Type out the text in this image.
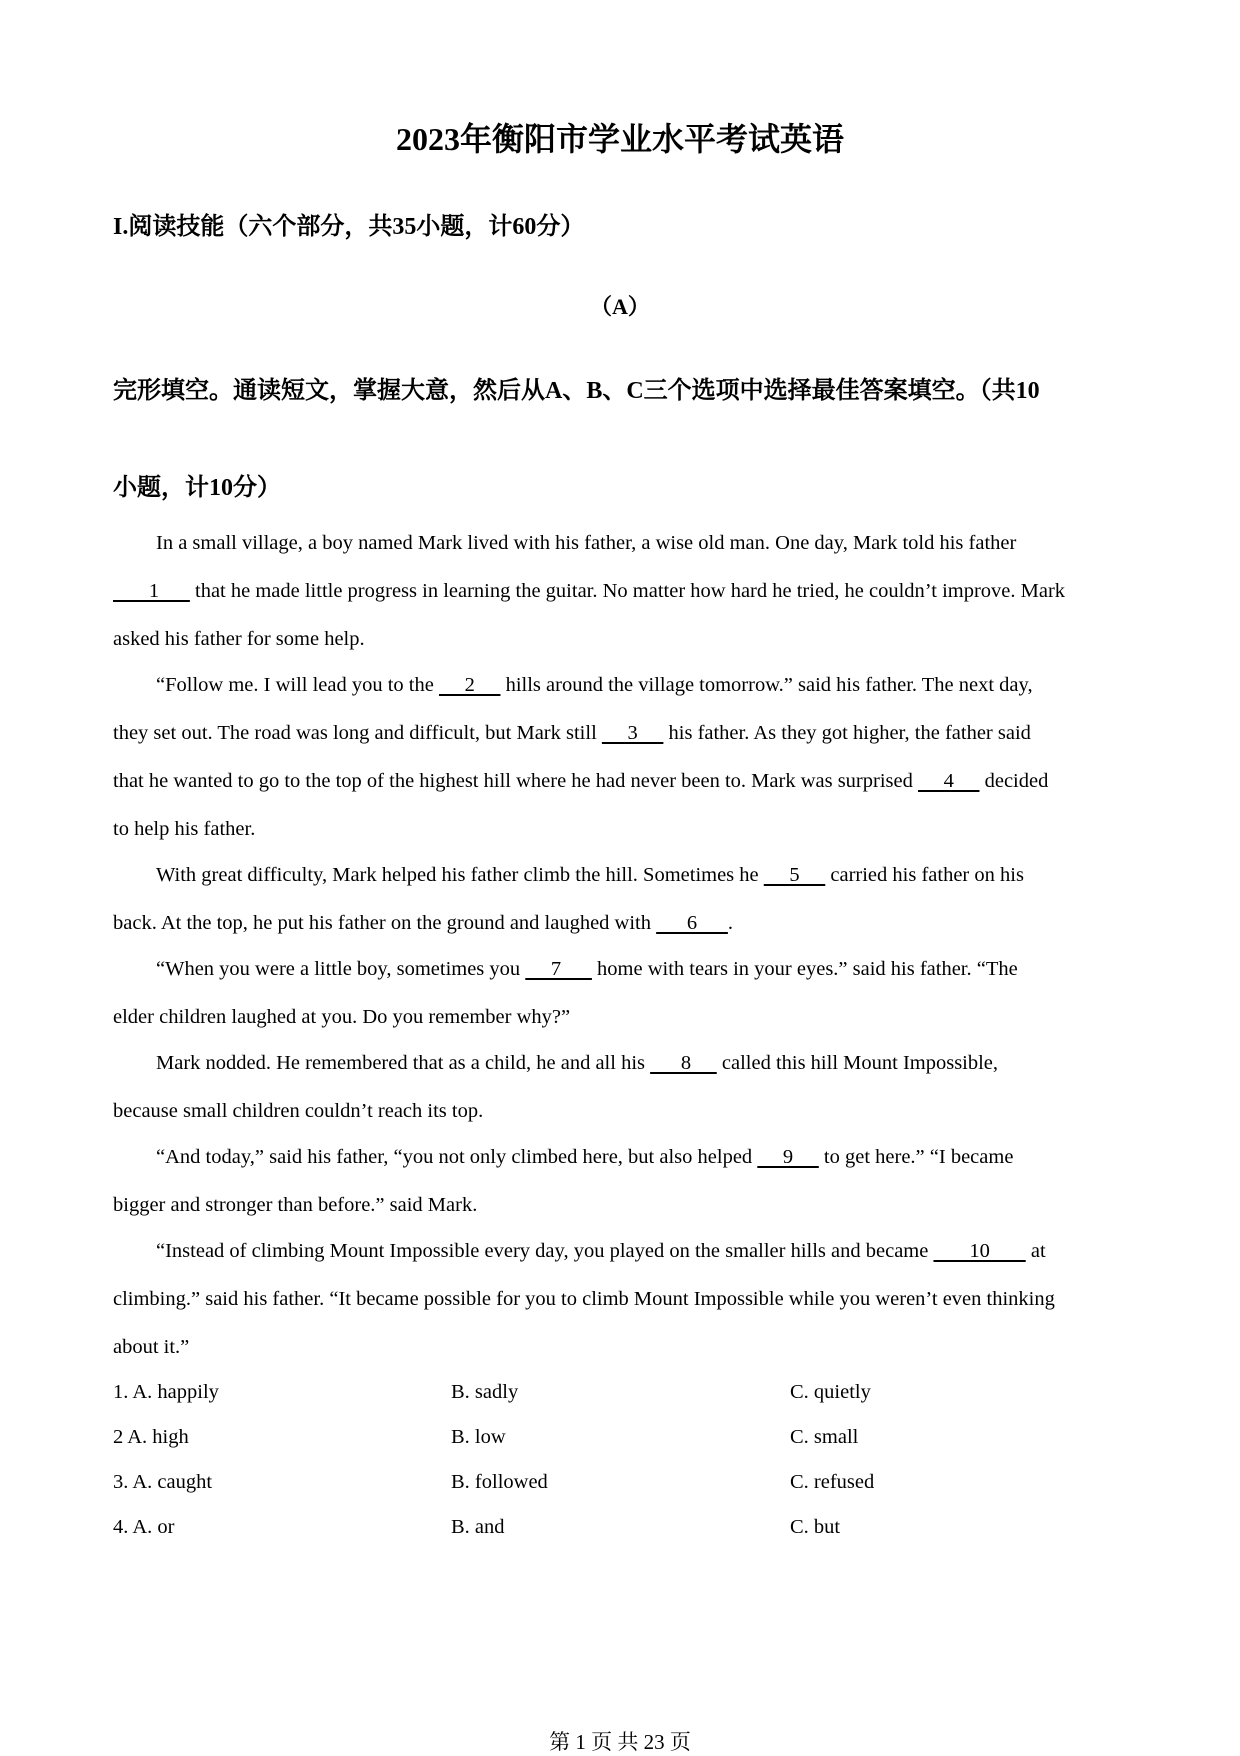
2023年衡阳市学业水平考试英语
I.阅读技能（六个部分，共35小题，计60分）
（A）
完形填空。通读短文，掌握大意，然后从A、B、C三个选项中选择最佳答案填空。（共10
小题，计10分）
In a small village, a boy named Mark lived with his father, a wise old man. One day, Mark told his father
1       that he made little progress in learning the guitar. No matter how hard he tried, he couldn’t improve. Mark
asked his father for some help.
“Follow me. I will lead you to the      2      hills around the village tomorrow.” said his father. The next day,
they set out. The road was long and difficult, but Mark still      3      his father. As they got higher, the father said
that he wanted to go to the top of the highest hill where he had never been to. Mark was surprised      4      decided
to help his father.
With great difficulty, Mark helped his father climb the hill. Sometimes he      5      carried his father on his
back. At the top, he put his father on the ground and laughed with       6      .
“When you were a little boy, sometimes you      7       home with tears in your eyes.” said his father. “The
elder children laughed at you. Do you remember why?”
Mark nodded. He remembered that as a child, he and all his       8      called this hill Mount Impossible,
because small children couldn’t reach its top.
“And today,” said his father, “you not only climbed here, but also helped      9      to get here.” “I became
bigger and stronger than before.” said Mark.
“Instead of climbing Mount Impossible every day, you played on the smaller hills and became        10        at
climbing.” said his father. “It became possible for you to climb Mount Impossible while you weren’t even thinking
about it.”
1. A. happily	B. sadly	C. quietly
2 A. high	B. low	C. small
3. A. caught	B. followed	C. refused
4. A. or	B. and	C. but
第 1 页 共 23 页
